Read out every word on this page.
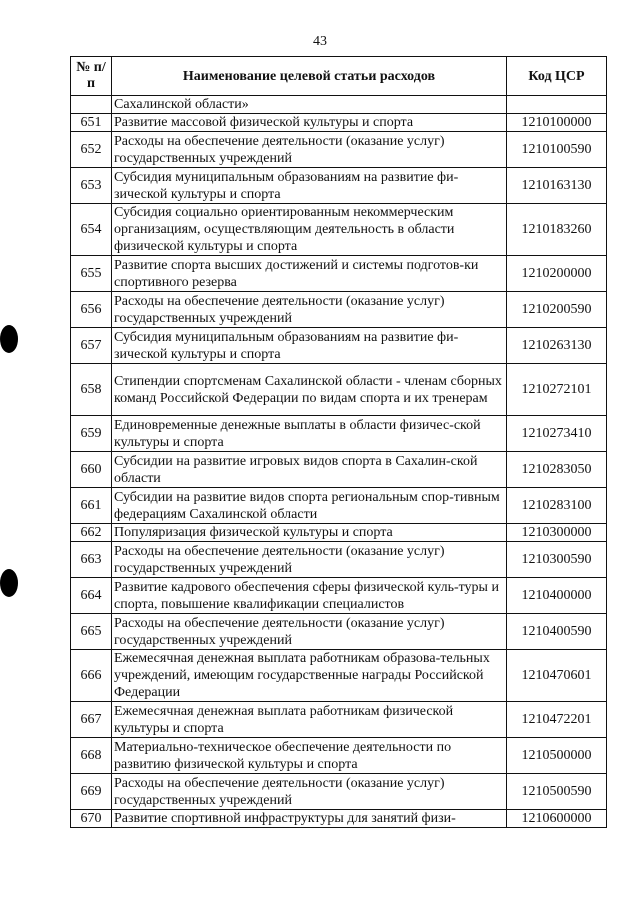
43
№ п/п	Наименование целевой статьи расходов	Код ЦСР
	Сахалинской области»	
651	Развитие массовой физической культуры и спорта	1210100000
652	Расходы на обеспечение деятельности (оказание услуг) государственных учреждений	1210100590
653	Субсидия муниципальным образованиям на развитие фи-зической культуры и спорта	1210163130
654	Субсидия социально ориентированным некоммерческим организациям, осуществляющим деятельность в области физической культуры и спорта	1210183260
655	Развитие спорта высших достижений и системы подготов-ки спортивного резерва	1210200000
656	Расходы на обеспечение деятельности (оказание услуг) государственных учреждений	1210200590
657	Субсидия муниципальным образованиям на развитие фи-зической культуры и спорта	1210263130
658	Стипендии спортсменам Сахалинской области - членам сборных команд Российской Федерации по видам спорта и их тренерам	1210272101
659	Единовременные денежные выплаты в области физичес-ской культуры и спорта	1210273410
660	Субсидии на развитие игровых видов спорта в Сахалин-ской области	1210283050
661	Субсидии на развитие видов спорта региональным спор-тивным федерациям Сахалинской области	1210283100
662	Популяризация физической культуры и спорта	1210300000
663	Расходы на обеспечение деятельности (оказание услуг) государственных учреждений	1210300590
664	Развитие кадрового обеспечения сферы физической куль-туры и спорта, повышение квалификации специалистов	1210400000
665	Расходы на обеспечение деятельности (оказание услуг) государственных учреждений	1210400590
666	Ежемесячная денежная выплата работникам образова-тельных учреждений, имеющим государственные награды Российской Федерации	1210470601
667	Ежемесячная денежная выплата работникам физической культуры и спорта	1210472201
668	Материально-техническое обеспечение деятельности по развитию физической культуры и спорта	1210500000
669	Расходы на обеспечение деятельности (оказание услуг) государственных учреждений	1210500590
670	Развитие спортивной инфраструктуры для занятий физи-	1210600000
